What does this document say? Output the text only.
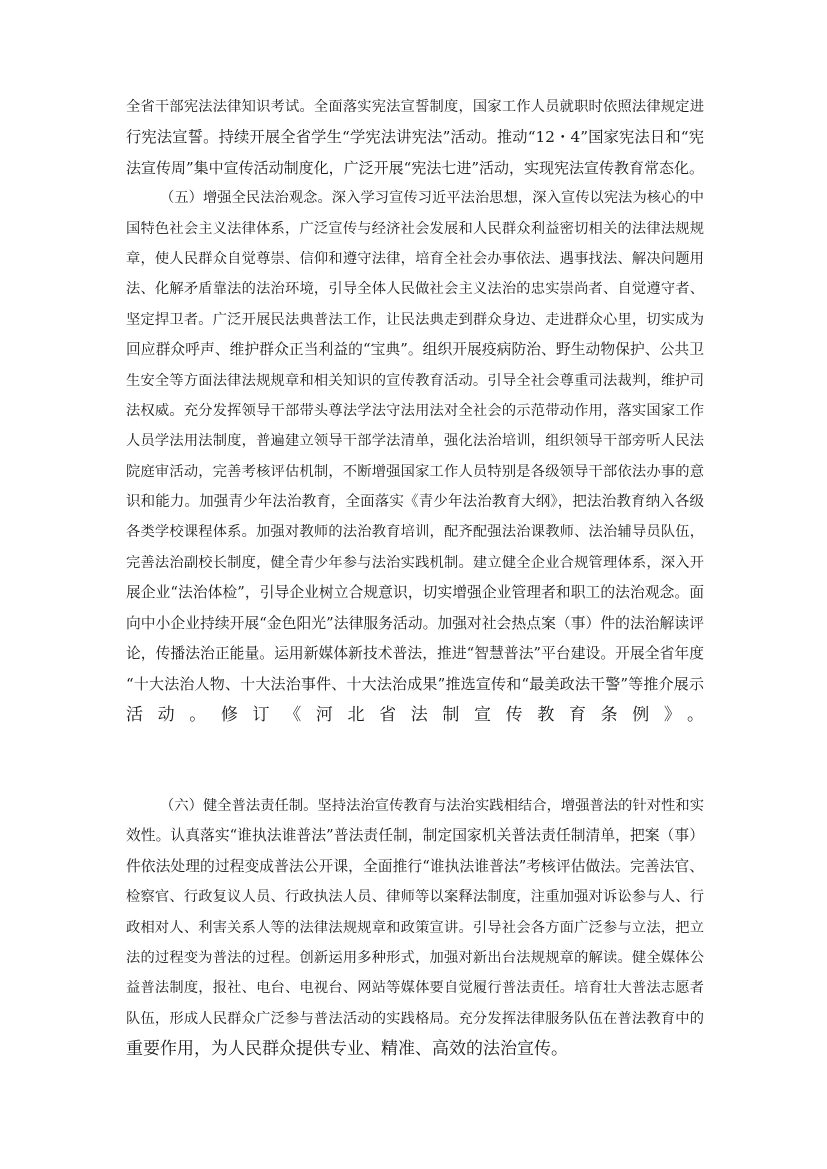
全省干部宪法法律知识考试。全面落实宪法宣誓制度，国家工作人员就职时依照法律规定进
行宪法宣誓。持续开展全省学生“学宪法讲宪法”活动。推动“12・4”国家宪法日和“宪
法宣传周”集中宣传活动制度化，广泛开展“宪法七进”活动，实现宪法宣传教育常态化。
（五）增强全民法治观念。深入学习宣传习近平法治思想，深入宣传以宪法为核心的中
国特色社会主义法律体系，广泛宣传与经济社会发展和人民群众利益密切相关的法律法规规
章，使人民群众自觉尊崇、信仰和遵守法律，培育全社会办事依法、遇事找法、解决问题用
法、化解矛盾靠法的法治环境，引导全体人民做社会主义法治的忠实崇尚者、自觉遵守者、
坚定捍卫者。广泛开展民法典普法工作，让民法典走到群众身边、走进群众心里，切实成为
回应群众呼声、维护群众正当利益的“宝典”。组织开展疫病防治、野生动物保护、公共卫
生安全等方面法律法规规章和相关知识的宣传教育活动。引导全社会尊重司法裁判，维护司
法权威。充分发挥领导干部带头尊法学法守法用法对全社会的示范带动作用，落实国家工作
人员学法用法制度，普遍建立领导干部学法清单，强化法治培训，组织领导干部旁听人民法
院庭审活动，完善考核评估机制，不断增强国家工作人员特别是各级领导干部依法办事的意
识和能力。加强青少年法治教育，全面落实《青少年法治教育大纲》，把法治教育纳入各级
各类学校课程体系。加强对教师的法治教育培训，配齐配强法治课教师、法治辅导员队伍，
完善法治副校长制度，健全青少年参与法治实践机制。建立健全企业合规管理体系，深入开
展企业“法治体检”，引导企业树立合规意识，切实增强企业管理者和职工的法治观念。面
向中小企业持续开展“金色阳光”法律服务活动。加强对社会热点案（事）件的法治解读评
论，传播法治正能量。运用新媒体新技术普法，推进“智慧普法”平台建设。开展全省年度
“十大法治人物、十大法治事件、十大法治成果”推选宣传和“最美政法干警”等推介展示
活动。修订《河北省法制宣传教育条例》。
（六）健全普法责任制。坚持法治宣传教育与法治实践相结合，增强普法的针对性和实
效性。认真落实“谁执法谁普法”普法责任制，制定国家机关普法责任制清单，把案（事）
件依法处理的过程变成普法公开课，全面推行“谁执法谁普法”考核评估做法。完善法官、
检察官、行政复议人员、行政执法人员、律师等以案释法制度，注重加强对诉讼参与人、行
政相对人、利害关系人等的法律法规规章和政策宣讲。引导社会各方面广泛参与立法，把立
法的过程变为普法的过程。创新运用多种形式，加强对新出台法规规章的解读。健全媒体公
益普法制度，报社、电台、电视台、网站等媒体要自觉履行普法责任。培育壮大普法志愿者
队伍，形成人民群众广泛参与普法活动的实践格局。充分发挥法律服务队伍在普法教育中的
重要作用，为人民群众提供专业、精准、高效的法治宣传。
